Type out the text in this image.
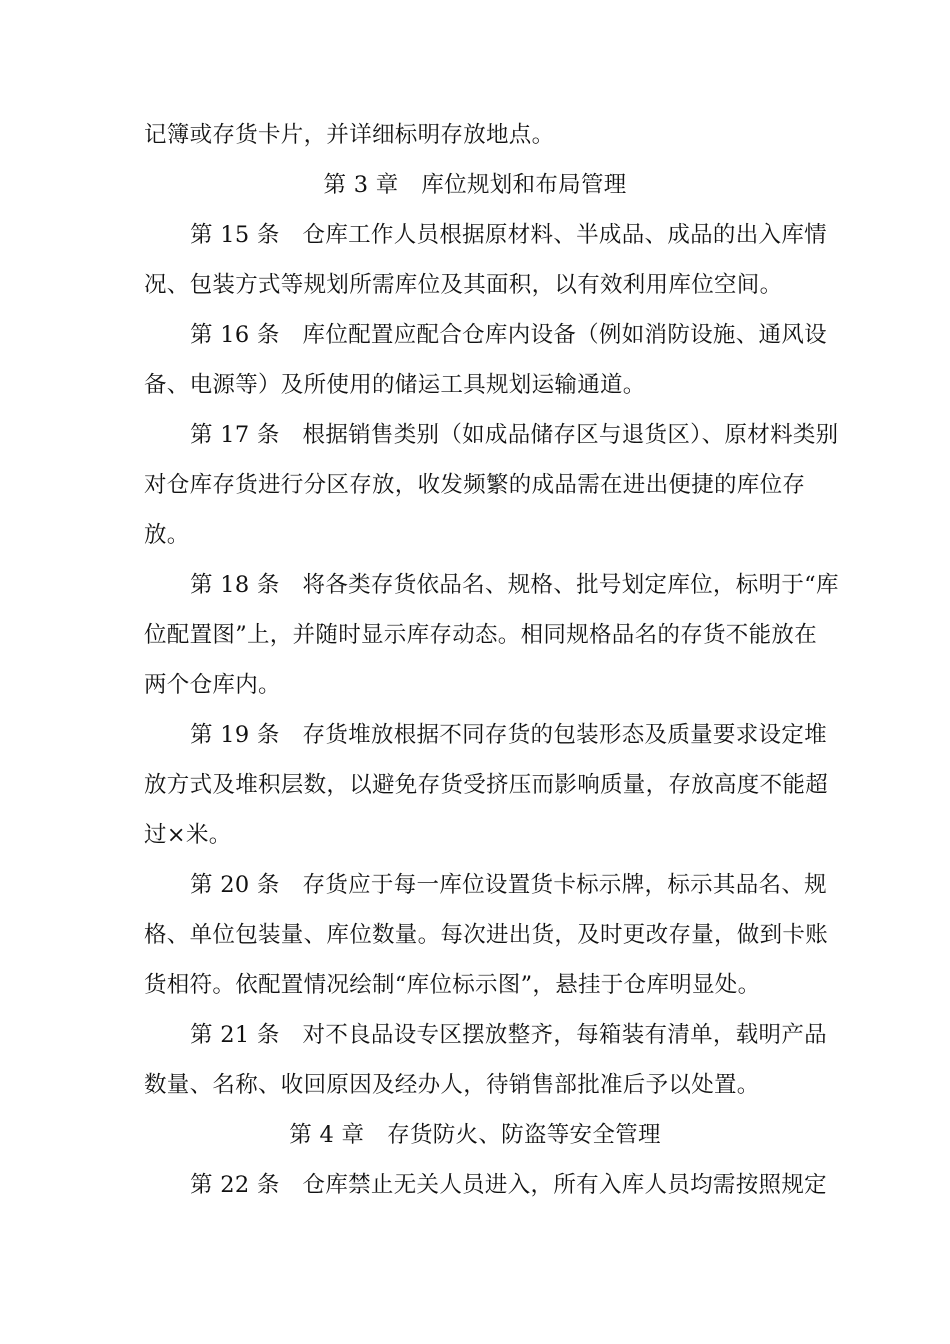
记簿或存货卡片，并详细标明存放地点。
第 3 章　库位规划和布局管理
第 15 条　仓库工作人员根据原材料、半成品、成品的出入库情
况、包装方式等规划所需库位及其面积，以有效利用库位空间。
第 16 条　库位配置应配合仓库内设备（例如消防设施、通风设
备、电源等）及所使用的储运工具规划运输通道。
第 17 条　根据销售类别（如成品储存区与退货区）、原材料类别
对仓库存货进行分区存放，收发频繁的成品需在进出便捷的库位存
放。
第 18 条　将各类存货依品名、规格、批号划定库位，标明于“库
位配置图”上，并随时显示库存动态。相同规格品名的存货不能放在
两个仓库内。
第 19 条　存货堆放根据不同存货的包装形态及质量要求设定堆
放方式及堆积层数，以避免存货受挤压而影响质量，存放高度不能超
过×米。
第 20 条　存货应于每一库位设置货卡标示牌，标示其品名、规
格、单位包装量、库位数量。每次进出货，及时更改存量，做到卡账
货相符。依配置情况绘制“库位标示图”，悬挂于仓库明显处。
第 21 条　对不良品设专区摆放整齐，每箱装有清单，载明产品
数量、名称、收回原因及经办人，待销售部批准后予以处置。
第 4 章　存货防火、防盗等安全管理
第 22 条　仓库禁止无关人员进入，所有入库人员均需按照规定
